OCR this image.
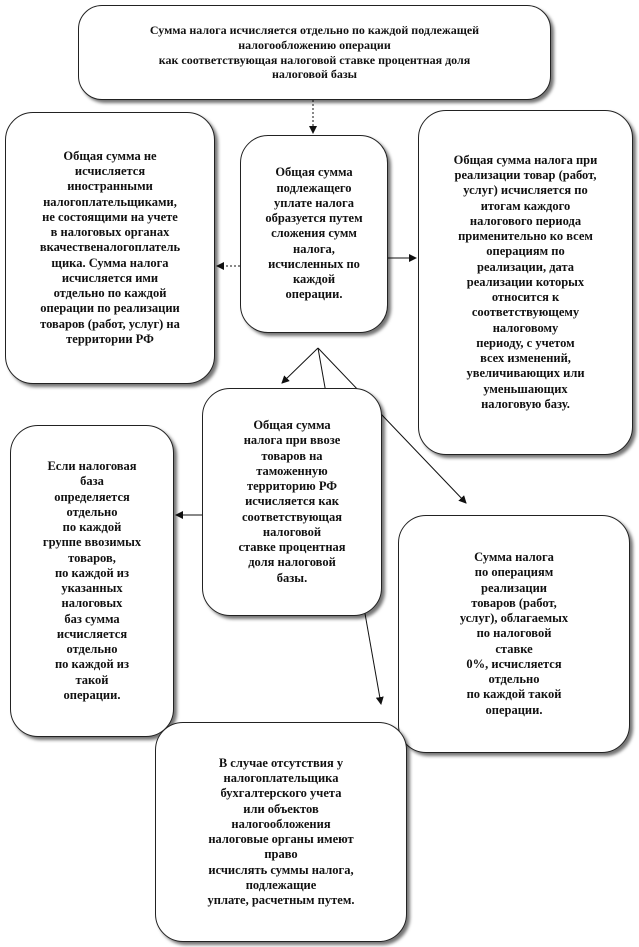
Сумма налога исчисляется отдельно по каждой подлежащей
налогообложению операции
как соответствующая налоговой ставке процентная доля
налоговой базы

Общая сумма не
исчисляется
иностранными
налогоплательщиками,
не состоящими на учете
в налоговых органах
вкачественалогоплатель
щика. Сумма налога
исчисляется ими
отдельно по каждой
операции по реализации
товаров (работ, услуг) на
территории РФ

Общая сумма
подлежащего
уплате налога
образуется путем
сложения сумм
налога,
исчисленных по
каждой
операции.

Общая сумма налога при
реализации товар (работ,
услуг) исчисляется по
итогам каждого
налогового периода
применительно ко всем
операциям по
реализации, дата
реализации которых
относится к
соответствующему
налоговому
периоду, с учетом
всех изменений,
увеличивающих или
уменьшающих
налоговую базу.

Общая сумма
налога при ввозе
товаров на
таможенную
территорию РФ
исчисляется как
соответствующая
налоговой
ставке процентная
доля налоговой
базы.

Если налоговая
база
определяется
отдельно
по каждой
группе ввозимых
товаров,
по каждой из
указанных
налоговых
баз сумма
исчисляется
отдельно
по каждой из
такой
операции.

Сумма налога
по операциям
реализации
товаров (работ,
услуг), облагаемых
по налоговой
ставке
0%, исчисляется
отдельно
по каждой такой
операции.

В случае отсутствия у
налогоплательщика
бухгалтерского учета
или объектов
налогообложения
налоговые органы имеют
право
исчислять суммы налога,
подлежащие
уплате, расчетным путем.
